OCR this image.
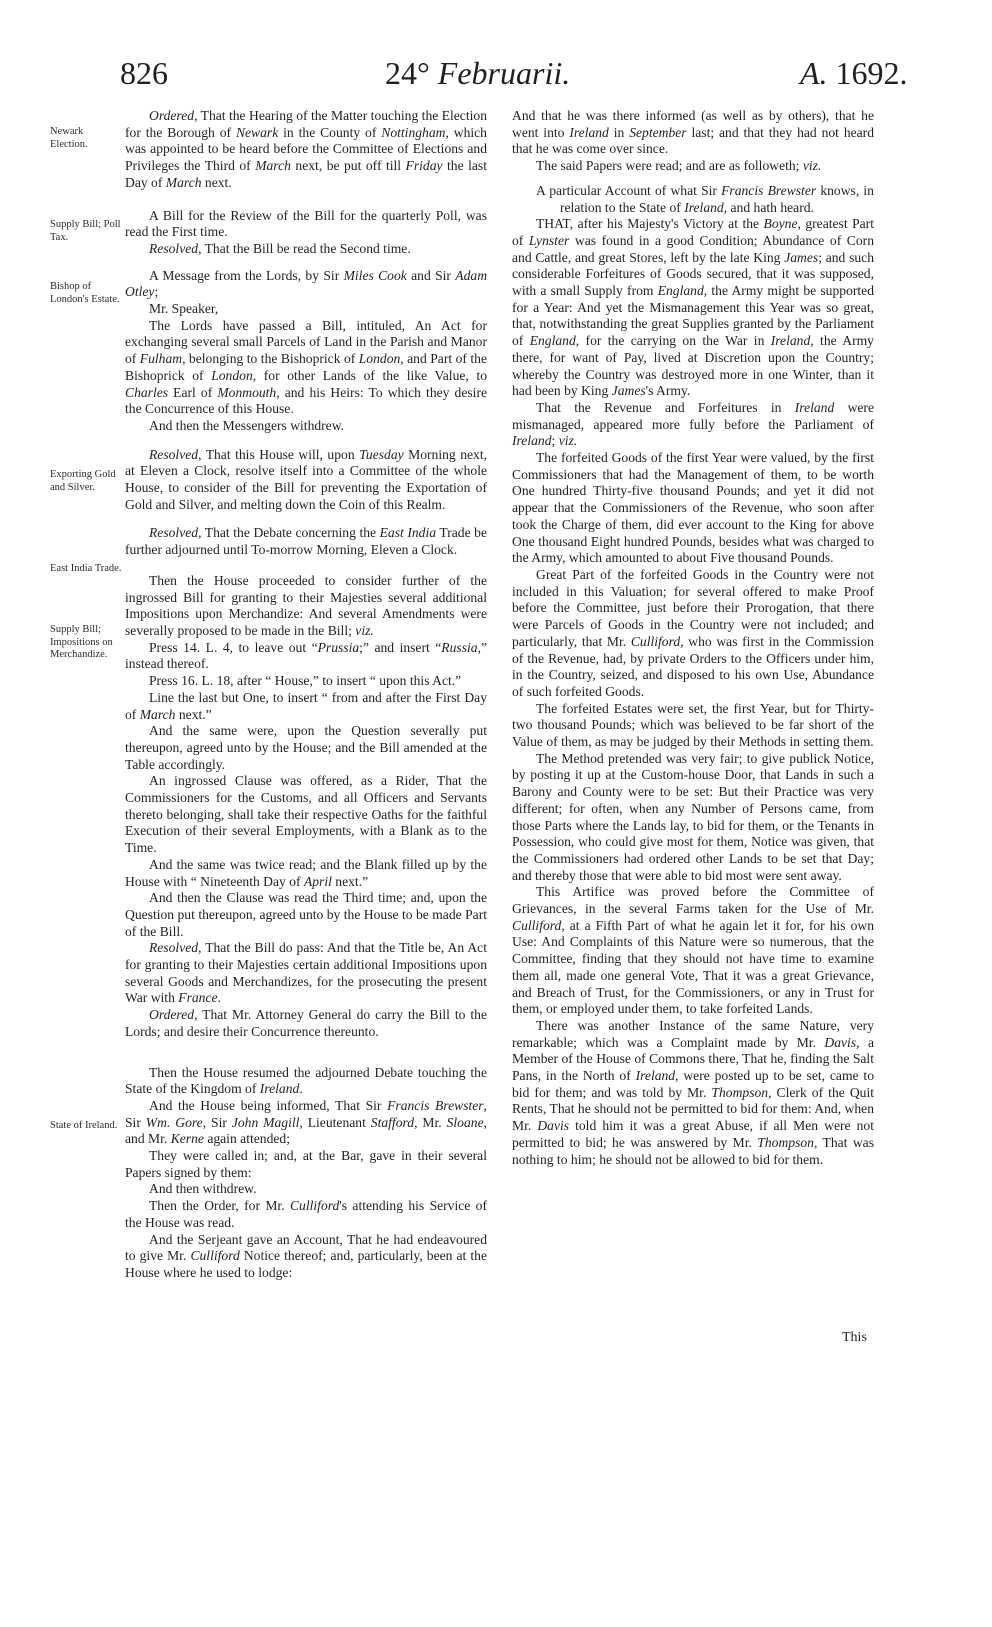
826	24° Februarii.	A. 1692.
Newark Election.
Supply Bill; Poll Tax.
Bishop of London's Estate.
Exporting Gold and Silver.
East India Trade.
Supply Bill; Impositions on Merchandize.
State of Ireland.

Ordered, That the Hearing of the Matter touching the Election for the Borough of Newark in the County of Nottingham, which was appointed to be heard before the Committee of Elections and Privileges the Third of March next, be put off till Friday the last Day of March next.

A Bill for the Review of the Bill for the quarterly Poll, was read the First time.

Resolved, That the Bill be read the Second time.

A Message from the Lords, by Sir Miles Cook and Sir Adam Otley;

Mr. Speaker,

The Lords have passed a Bill, intituled, An Act for exchanging several small Parcels of Land in the Parish and Manor of Fulham, belonging to the Bishoprick of London, and Part of the Bishoprick of London, for other Lands of the like Value, to Charles Earl of Monmouth, and his Heirs: To which they desire the Concurrence of this House.

And then the Messengers withdrew.

Resolved, That this House will, upon Tuesday Morning next, at Eleven a Clock, resolve itself into a Committee of the whole House, to consider of the Bill for preventing the Exportation of Gold and Silver, and melting down the Coin of this Realm.

Resolved, That the Debate concerning the East India Trade be further adjourned until To-morrow Morning, Eleven a Clock.

Then the House proceeded to consider further of the ingrossed Bill for granting to their Majesties several additional Impositions upon Merchandize: And several Amendments were severally proposed to be made in the Bill; viz.

Press 14. L. 4, to leave out “Prussia;” and insert “Russia,” instead thereof.

Press 16. L. 18, after “ House,” to insert “ upon this Act.”

Line the last but One, to insert “ from and after the First Day of March next.”

And the same were, upon the Question severally put thereupon, agreed unto by the House; and the Bill amended at the Table accordingly.

An ingrossed Clause was offered, as a Rider, That the Commissioners for the Customs, and all Officers and Servants thereto belonging, shall take their respective Oaths for the faithful Execution of their several Employments, with a Blank as to the Time.

And the same was twice read; and the Blank filled up by the House with “ Nineteenth Day of April next.”

And then the Clause was read the Third time; and, upon the Question put thereupon, agreed unto by the House to be made Part of the Bill.

Resolved, That the Bill do pass: And that the Title be, An Act for granting to their Majesties certain additional Impositions upon several Goods and Merchandizes, for the prosecuting the present War with France.

Ordered, That Mr. Attorney General do carry the Bill to the Lords; and desire their Concurrence thereunto.

Then the House resumed the adjourned Debate touching the State of the Kingdom of Ireland.

And the House being informed, That Sir Francis Brewster, Sir Wm. Gore, Sir John Magill, Lieutenant Stafford, Mr. Sloane, and Mr. Kerne again attended;

They were called in; and, at the Bar, gave in their several Papers signed by them:

And then withdrew.

Then the Order, for Mr. Culliford's attending his Service of the House was read.

And the Serjeant gave an Account, That he had endeavoured to give Mr. Culliford Notice thereof; and, particularly, been at the House where he used to lodge:

And that he was there informed (as well as by others), that he went into Ireland in September last; and that they had not heard that he was come over since.

The said Papers were read; and are as followeth; viz.

A particular Account of what Sir Francis Brewster knows, in relation to the State of Ireland, and hath heard.

THAT, after his Majesty's Victory at the Boyne, greatest Part of Lynster was found in a good Condition; Abundance of Corn and Cattle, and great Stores, left by the late King James; and such considerable Forfeitures of Goods secured, that it was supposed, with a small Supply from England, the Army might be supported for a Year: And yet the Mismanagement this Year was so great, that, notwithstanding the great Supplies granted by the Parliament of England, for the carrying on the War in Ireland, the Army there, for want of Pay, lived at Discretion upon the Country; whereby the Country was destroyed more in one Winter, than it had been by King James's Army.

That the Revenue and Forfeitures in Ireland were mismanaged, appeared more fully before the Parliament of Ireland; viz.

The forfeited Goods of the first Year were valued, by the first Commissioners that had the Management of them, to be worth One hundred Thirty-five thousand Pounds; and yet it did not appear that the Commissioners of the Revenue, who soon after took the Charge of them, did ever account to the King for above One thousand Eight hundred Pounds, besides what was charged to the Army, which amounted to about Five thousand Pounds.

Great Part of the forfeited Goods in the Country were not included in this Valuation; for several offered to make Proof before the Committee, just before their Prorogation, that there were Parcels of Goods in the Country were not included; and particularly, that Mr. Culliford, who was first in the Commission of the Revenue, had, by private Orders to the Officers under him, in the Country, seized, and disposed to his own Use, Abundance of such forfeited Goods.

The forfeited Estates were set, the first Year, but for Thirty-two thousand Pounds; which was believed to be far short of the Value of them, as may be judged by their Methods in setting them.

The Method pretended was very fair; to give publick Notice, by posting it up at the Custom-house Door, that Lands in such a Barony and County were to be set: But their Practice was very different; for often, when any Number of Persons came, from those Parts where the Lands lay, to bid for them, or the Tenants in Possession, who could give most for them, Notice was given, that the Commissioners had ordered other Lands to be set that Day; and thereby those that were able to bid most were sent away.

This Artifice was proved before the Committee of Grievances, in the several Farms taken for the Use of Mr. Culliford, at a Fifth Part of what he again let it for, for his own Use: And Complaints of this Nature were so numerous, that the Committee, finding that they should not have time to examine them all, made one general Vote, That it was a great Grievance, and Breach of Trust, for the Commissioners, or any in Trust for them, or employed under them, to take forfeited Lands.

There was another Instance of the same Nature, very remarkable; which was a Complaint made by Mr. Davis, a Member of the House of Commons there, That he, finding the Salt Pans, in the North of Ireland, were posted up to be set, came to bid for them; and was told by Mr. Thompson, Clerk of the Quit Rents, That he should not be permitted to bid for them: And, when Mr. Davis told him it was a great Abuse, if all Men were not permitted to bid; he was answered by Mr. Thompson, That was nothing to him; he should not be allowed to bid for them.

This
